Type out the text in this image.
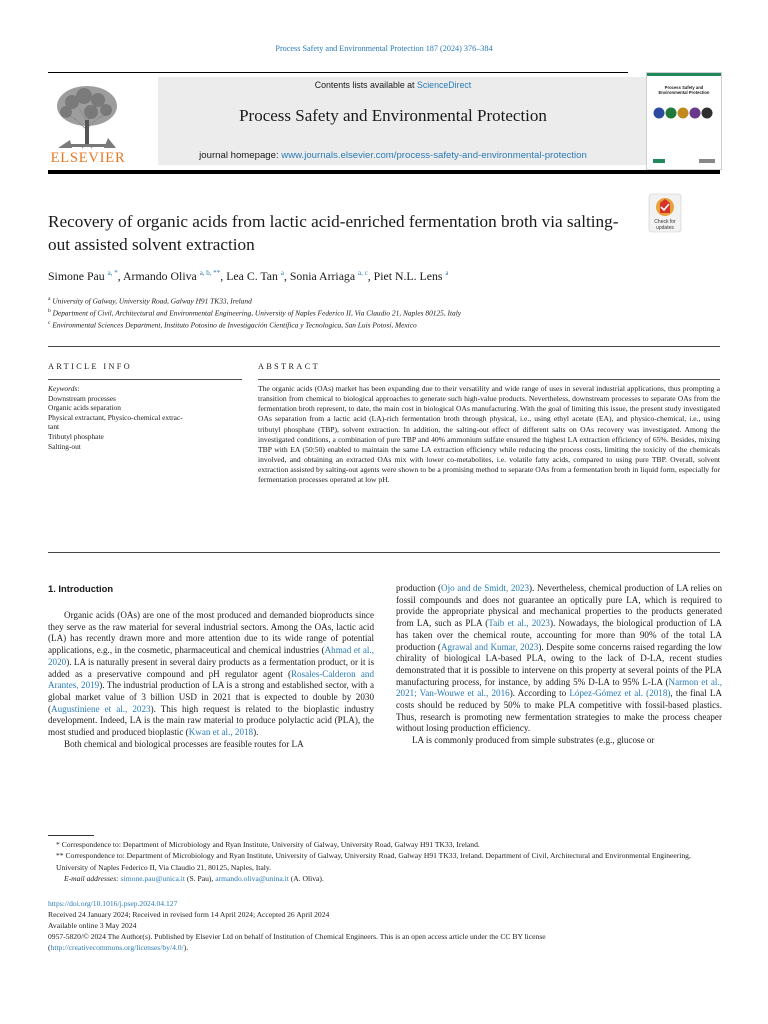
Process Safety and Environmental Protection 187 (2024) 376–384
ELSEVIER
Contents lists available at ScienceDirect
Process Safety and Environmental Protection
journal homepage: www.journals.elsevier.com/process-safety-and-environmental-protection
Process Safety and
Environmental Protection
Recovery of organic acids from lactic acid-enriched fermentation broth via salting-out assisted solvent extraction
Check for
updates
Simone Pau $^{a, *}$, Armando Oliva $^{a, b, **}$, Lea C. Tan $^a$, Sonia Arriaga $^{a, c}$, Piet N.L. Lens $^a$
$^a$ University of Galway, University Road, Galway H91 TK33, Ireland
$^b$ Department of Civil, Architectural and Environmental Engineering, University of Naples Federico II, Via Claudio 21, Naples 80125, Italy
$^c$ Environmental Sciences Department, Instituto Potosino de Investigación Científica y Tecnologica, San Luis Potosí, Mexico
ARTICLE INFO	ABSTRACT
Keywords:
Downstream processes
Organic acids separation
Physical extractant, Physico-chemical extrac-
tant
Tributyl phosphate
Salting-out
The organic acids (OAs) market has been expanding due to their versatility and wide range of uses in several industrial applications, thus prompting a transition from chemical to biological approaches to generate such high-value products. Nevertheless, downstream processes to separate OAs from the fermentation broth represent, to date, the main cost in biological OAs manufacturing. With the goal of limiting this issue, the present study investigated OAs separation from a lactic acid (LA)-rich fermentation broth through physical, i.e., using ethyl acetate (EA), and physico-chemical, i.e., using tributyl phosphate (TBP), solvent extraction. In addition, the salting-out effect of different salts on OAs recovery was investigated. Among the investigated conditions, a combination of pure TBP and 40% ammonium sulfate ensured the highest LA extraction efficiency of 65%. Besides, mixing TBP with EA (50:50) enabled to maintain the same LA extraction efficiency while reducing the process costs, limiting the toxicity of the chemicals involved, and obtaining an extracted OAs mix with lower co-metabolites, i.e. volatile fatty acids, compared to using pure TBP. Overall, solvent extraction assisted by salting-out agents were shown to be a promising method to separate OAs from a fermentation broth in liquid form, especially for fermentation processes operated at low pH.
1. Introduction

Organic acids (OAs) are one of the most produced and demanded bioproducts since they serve as the raw material for several industrial sectors. Among the OAs, lactic acid (LA) has recently drawn more and more attention due to its wide range of potential applications, e.g., in the cosmetic, pharmaceutical and chemical industries (Ahmad et al., 2020). LA is naturally present in several dairy products as a fermentation product, or it is added as a preservative compound and pH regulator agent (Rosales-Calderon and Arantes, 2019). The industrial production of LA is a strong and established sector, with a global market value of 3 billion USD in 2021 that is expected to double by 2030 (Augustiniene et al., 2023). This high request is related to the bioplastic industry development. Indeed, LA is the main raw material to produce polylactic acid (PLA), the most studied and produced bioplastic (Kwan et al., 2018).

Both chemical and biological processes are feasible routes for LA

production (Ojo and de Smidt, 2023). Nevertheless, chemical production of LA relies on fossil compounds and does not guarantee an optically pure LA, which is required to provide the appropriate physical and mechanical properties to the products generated from LA, such as PLA (Taib et al., 2023). Nowadays, the biological production of LA has taken over the chemical route, accounting for more than 90% of the total LA production (Agrawal and Kumar, 2023). Despite some concerns raised regarding the low chirality of biological LA-based PLA, owing to the lack of D-LA, recent studies demonstrated that it is possible to intervene on this property at several points of the PLA manufacturing process, for instance, by adding 5% D-LA to 95% L-LA (Narmon et al., 2021; Van-Wouwe et al., 2016). According to López-Gómez et al. (2018), the final LA costs should be reduced by 50% to make PLA competitive with fossil-based plastics. Thus, research is promoting new fermentation strategies to make the process cheaper without losing production efficiency.

LA is commonly produced from simple substrates (e.g., glucose or

* Correspondence to: Department of Microbiology and Ryan Institute, University of Galway, University Road, Galway H91 TK33, Ireland.
** Correspondence to: Department of Microbiology and Ryan Institute, University of Galway, University Road, Galway H91 TK33, Ireland. Department of Civil, Architectural and Environmental Engineering, University of Naples Federico II, Via Claudio 21, 80125, Naples, Italy.
E-mail addresses: simone.pau@unica.it (S. Pau), armando.oliva@unina.it (A. Oliva).
https://doi.org/10.1016/j.psep.2024.04.127
Received 24 January 2024; Received in revised form 14 April 2024; Accepted 26 April 2024
Available online 3 May 2024
0957-5820/© 2024 The Author(s). Published by Elsevier Ltd on behalf of Institution of Chemical Engineers. This is an open access article under the CC BY license
(http://creativecommons.org/licenses/by/4.0/).
